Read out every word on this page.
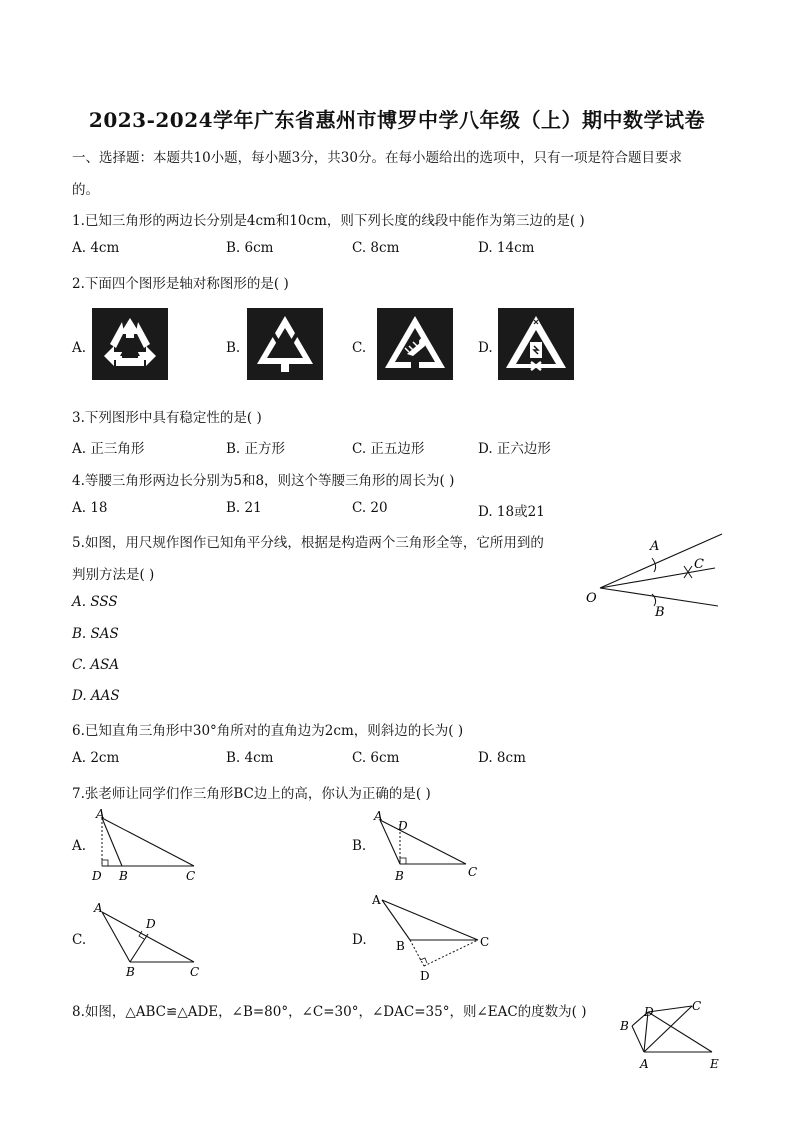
2023-2024学年广东省惠州市博罗中学八年级（上）期中数学试卷
一、选择题：本题共10小题，每小题3分，共30分。在每小题给出的选项中，只有一项是符合题目要求
的。
1.已知三角形的两边长分别是4cm和10cm，则下列长度的线段中能作为第三边的是( )
A. 4cm	B. 6cm	C. 8cm	D. 14cm
2.下面四个图形是轴对称图形的是( )
A.	B.	C.	D.
3.下列图形中具有稳定性的是( )
A. 正三角形	B. 正方形	C. 正五边形	D. 正六边形
4.等腰三角形两边长分别为5和8，则这个等腰三角形的周长为( )
A. 18	B. 21	C. 20	D. 18或21
5.如图，用尺规作图作已知角平分线，根据是构造两个三角形全等，它所用到的
判别方法是( )
A. SSS
B. SAS
C. ASA
D. AAS
O
A
B
C
6.已知直角三角形中30°角所对的直角边为2cm，则斜边的长为( )
A. 2cm	B. 4cm	C. 6cm	D. 8cm
7.张老师让同学们作三角形BC边上的高，你认为正确的是( )
A.	B.
C.	D.
A
D B	C
A
D
B	C
A
D
B	C
A
B	C
D
8.如图，△ABC≌△ADE，∠B=80°，∠C=30°，∠DAC=35°，则∠EAC的度数为( )
B
D	C
A	E
